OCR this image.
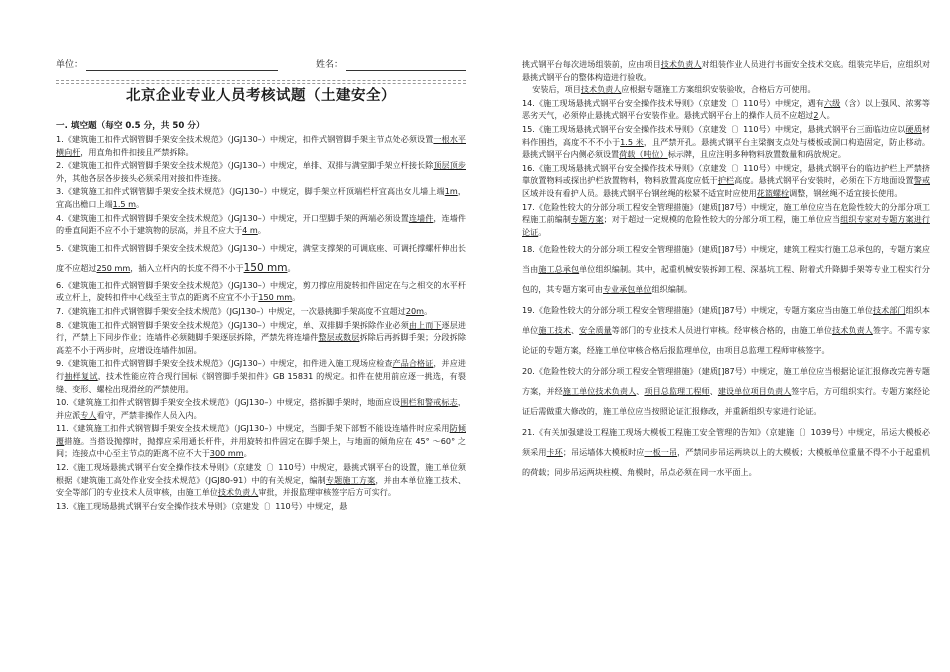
单位：	姓名：
北京企业专业人员考核试题（土建安全）
一. 填空题（每空 0.5 分，共 50 分）

1.《建筑施工扣件式钢管脚手架安全技术规范》（JGJ130–）中规定，扣件式钢管脚手架主节点处必须设置一根水平横向杆，用直角扣件扣接且严禁拆除。

2.《建筑施工扣件式钢管脚手架安全技术规范》（JGJ130–）中规定，单排、双排与满堂脚手架立杆接长除顶层顶步外，其他各层各步接头必须采用对接扣件连接。

3.《建筑施工扣件式钢管脚手架安全技术规范》（JGJ130–）中规定，脚手架立杆顶端栏杆宜高出女儿墙上端1m，宜高出檐口上端1.5 m。

4.《建筑施工扣件式钢管脚手架安全技术规范》（JGJ130–）中规定，开口型脚手架的两端必须设置连墙件，连墙件的垂直间距不应不小于建筑物的层高，并且不应大于4 m。

5.《建筑施工扣件式钢管脚手架安全技术规范》（JGJ130–）中规定，满堂支撑架的可调底座、可调托撑螺杆伸出长度不应超过250 mm，插入立杆内的长度不得不小于150 mm。

6.《建筑施工扣件式钢管脚手架安全技术规范》（JGJ130–）中规定，剪刀撑应用旋转扣件固定在与之相交的水平杆或立杆上，旋转扣件中心线至主节点的距离不应宜不小于150 mm。

7.《建筑施工扣件式钢管脚手架安全技术规范》（JGJ130–）中规定，一次悬挑脚手架高度不宜超过20m。

8.《建筑施工扣件式钢管脚手架安全技术规范》（JGJ130–）中规定，单、双排脚手架拆除作业必须由上而下逐层进行，严禁上下同步作业；连墙件必须随脚手架逐层拆除，严禁先将连墙件整层或数层拆除后再拆脚手架；分段拆除高差不小于两步时，应增设连墙件加固。

9.《建筑施工扣件式钢管脚手架安全技术规范》（JGJ130–）中规定，扣件进入施工现场应检查产品合格证，并应进行抽样复试，技术性能应符合现行国标《钢管脚手架扣件》GB 15831 的规定。扣件在使用前应逐一挑选，有裂缝、变形、螺栓出现滑丝的严禁使用。

10.《建筑施工扣件式钢管脚手架安全技术规范》（JGJ130–）中规定，搭拆脚手架时，地面应设围栏和警戒标志，并应派专人看守，严禁非操作人员入内。

11.《建筑施工扣件式钢管脚手架安全技术规范》（JGJ130–）中规定，当脚手架下部暂不能设连墙件时应采用防倾覆措施。当搭设抛撑时，抛撑应采用通长杆件，并用旋转扣件固定在脚手架上，与地面的倾角应在 45° ～60° 之间；连接点中心至主节点的距离不应不大于300 mm。

12.《施工现场悬挑式钢平台安全操作技术导则》（京建发〔〕110号）中规定，悬挑式钢平台的设置，施工单位须根据《建筑施工高处作业安全技术规范》（JGJ80-91）中的有关规定，编制专题施工方案，并由本单位施工技术、安全等部门的专业技术人员审核，由施工单位技术负责人审批，并报监理审核签字后方可实行。

13.《施工现场悬挑式钢平台安全操作技术导则》（京建发〔〕110号）中规定，悬

挑式钢平台每次进场组装前，应由项目技术负责人对组装作业人员进行书面安全技术交底。组装完毕后，应组织对悬挑式钢平台的整体构造进行验收。

安装后，项目技术负责人应根据专题施工方案组织安装验收，合格后方可使用。

14.《施工现场悬挑式钢平台安全操作技术导则》（京建发〔〕110号）中规定，遇有六级（含）以上强风、浓雾等恶劣天气，必须停止悬挑式钢平台安装作业。悬挑式钢平台上的操作人员不应超过2人。

15.《施工现场悬挑式钢平台安全操作技术导则》（京建发〔〕110号）中规定，悬挑式钢平台三面临边应以硬质材料作围挡，高度不不不小于1.5 米，且严禁开孔。悬挑式钢平台主梁搁支点处与楼板或洞口构造固定，防止移动。悬挑式钢平台内侧必须设置荷载（吨位）标示牌，且应注明多种物料放置数量和码放规定。

16.《施工现场悬挑式钢平台安全操作技术导则》（京建发〔〕110号）中规定，悬挑式钢平台的临边护栏上严禁挤靠放置物料或探出护栏放置物料，物料放置高度应低于护栏高度。悬挑式钢平台安装时，必须在下方地面设置警戒区域并设有看护人员。悬挑式钢平台钢丝绳的松紧不适宜时应使用花篮螺栓调整，钢丝绳不适宜接长使用。

17.《危险性较大的分部分项工程安全管理措施》（建质[]87号）中规定，施工单位应当在危险性较大的分部分项工程施工前编制专题方案；对于超过一定规模的危险性较大的分部分项工程，施工单位应当组织专家对专题方案进行论证。

18.《危险性较大的分部分项工程安全管理措施》（建质[]87号）中规定，建筑工程实行施工总承包的，专题方案应当由施工总承包单位组织编制。其中，起重机械安装拆卸工程、深基坑工程、附着式升降脚手架等专业工程实行分包的，其专题方案可由专业承包单位组织编制。

19.《危险性较大的分部分项工程安全管理措施》（建质[]87号）中规定，专题方案应当由施工单位技术部门组织本单位施工技术、安全质量等部门的专业技术人员进行审核。经审核合格的，由施工单位技术负责人签字。不需专家论证的专题方案，经施工单位审核合格后报监理单位，由项目总监理工程师审核签字。

20.《危险性较大的分部分项工程安全管理措施》（建质[]87号）中规定，施工单位应当根据论证汇报修改完善专题方案，并经施工单位技术负责人、项目总监理工程师、建设单位项目负责人签字后，方可组织实行。专题方案经论证后需做重大修改的，施工单位应当按照论证汇报修改，并重新组织专家进行论证。

21.《有关加强建设工程施工现场大模板工程施工安全管理的告知》（京建施〔〕1039号）中规定，吊运大模板必须采用卡环；吊运墙体大模板时应一板一吊，严禁同步吊运两块以上的大模板；大模板单位重量不得不小于起重机的荷载；同步吊运两块柱模、角模时，吊点必须在同一水平面上。
